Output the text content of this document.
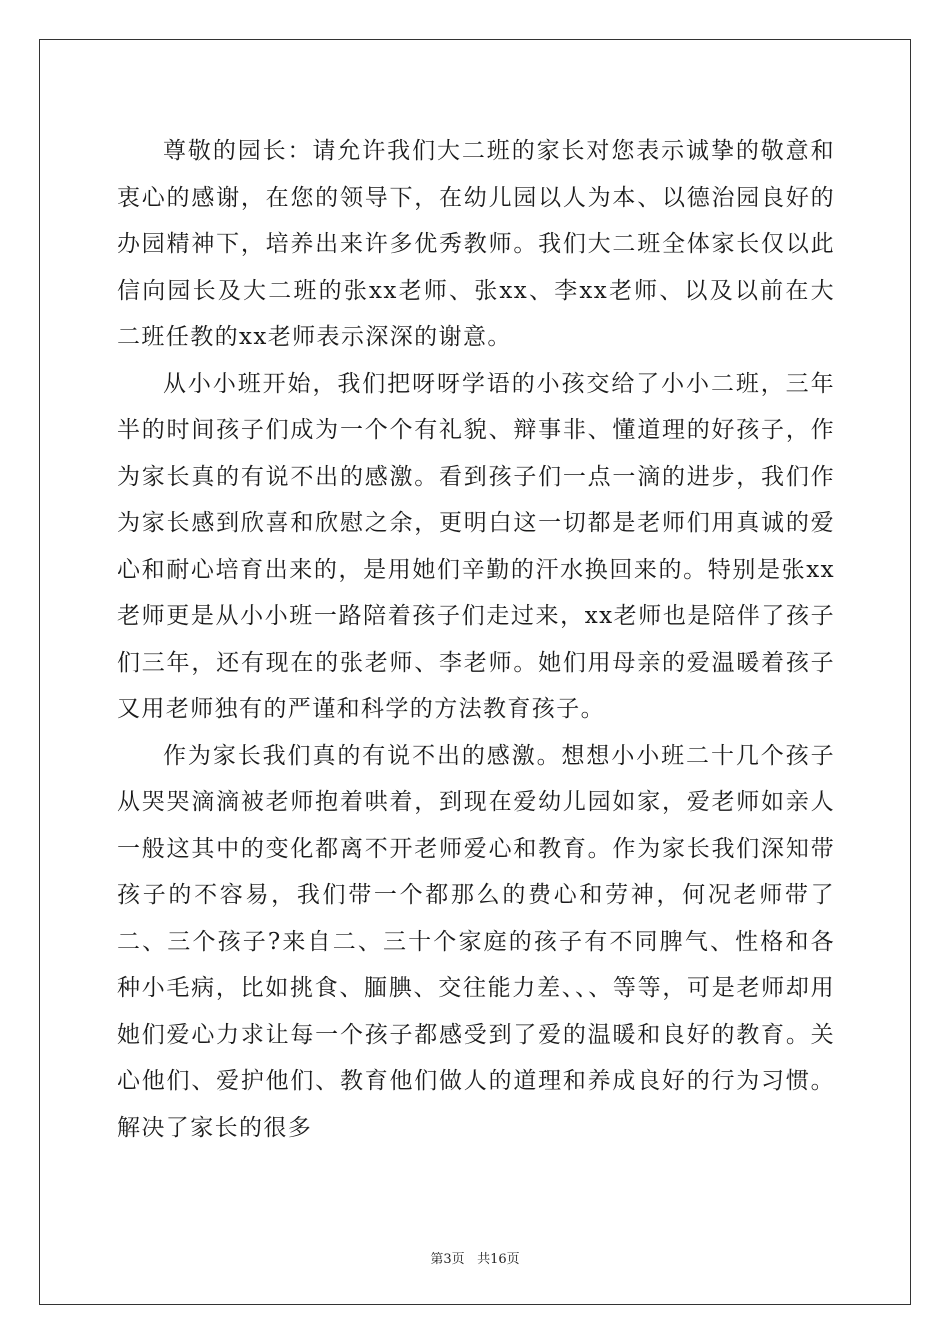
尊敬的园长：请允许我们大二班的家长对您表示诚挚的敬意和衷心的感谢，在您的领导下，在幼儿园以人为本、以德治园良好的办园精神下，培养出来许多优秀教师。我们大二班全体家长仅以此信向园长及大二班的张xx老师、张xx、李xx老师、以及以前在大二班任教的xx老师表示深深的谢意。

从小小班开始，我们把呀呀学语的小孩交给了小小二班，三年半的时间孩子们成为一个个有礼貌、辩事非、懂道理的好孩子，作为家长真的有说不出的感激。看到孩子们一点一滴的进步，我们作为家长感到欣喜和欣慰之余，更明白这一切都是老师们用真诚的爱心和耐心培育出来的，是用她们辛勤的汗水换回来的。特别是张xx老师更是从小小班一路陪着孩子们走过来，xx老师也是陪伴了孩子们三年，还有现在的张老师、李老师。她们用母亲的爱温暖着孩子又用老师独有的严谨和科学的方法教育孩子。

作为家长我们真的有说不出的感激。想想小小班二十几个孩子从哭哭滴滴被老师抱着哄着，到现在爱幼儿园如家，爱老师如亲人一般这其中的变化都离不开老师爱心和教育。作为家长我们深知带孩子的不容易，我们带一个都那么的费心和劳神，何况老师带了二、三个孩子?来自二、三十个家庭的孩子有不同脾气、性格和各种小毛病，比如挑食、腼腆、交往能力差、、、等等，可是老师却用她们爱心力求让每一个孩子都感受到了爱的温暖和良好的教育。关心他们、爱护他们、教育他们做人的道理和养成良好的行为习惯。解决了家长的很多

第3页 共16页
